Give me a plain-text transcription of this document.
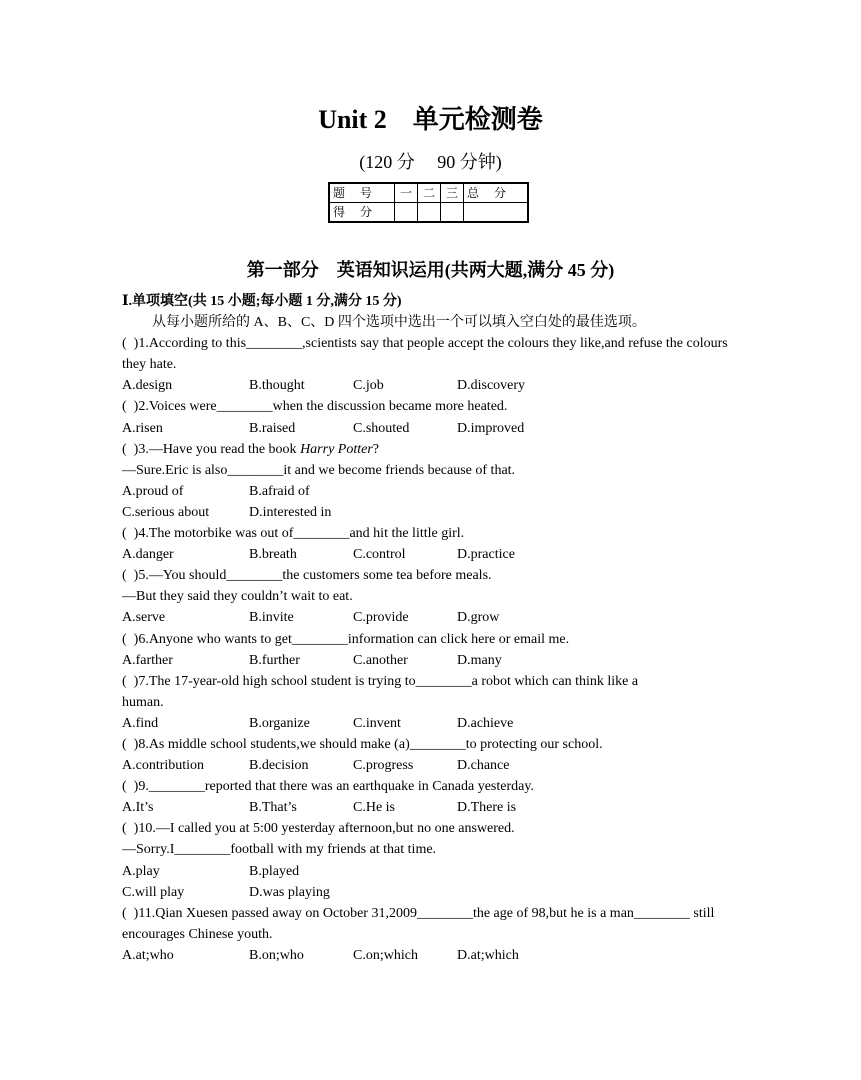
Unit 2　单元检测卷
(120 分　 90 分钟)
题　 号	一	二	三	总　 分
得　 分				
第一部分　英语知识运用(共两大题,满分 45 分)
Ⅰ.单项填空(共 15 小题;每小题 1 分,满分 15 分)
从每小题所给的 A、B、C、D 四个选项中选出一个可以填入空白处的最佳选项。
(  )1.According to this________,scientists say that people accept the colours they like,and refuse the colours they hate.
A.design	B.thought	C.job	D.discovery
(  )2.Voices were________when the discussion became more heated.
A.risen	B.raised	C.shouted	D.improved
(  )3.—Have you read the book Harry Potter?
—Sure.Eric is also________it and we become friends because of that.
A.proud of	B.afraid of
C.serious about	D.interested in
(  )4.The motorbike was out of________and hit the little girl.
A.danger	B.breath	C.control	D.practice
(  )5.—You should________the customers some tea before meals.
—But they said they couldn’t wait to eat.
A.serve	B.invite	C.provide	D.grow
(  )6.Anyone who wants to get________information can click here or email me.
A.farther	B.further	C.another	D.many
(  )7.The 17-year-old high school student is trying to________a robot which can think like a human.
A.find	B.organize	C.invent	D.achieve
(  )8.As middle school students,we should make (a)________to protecting our school.
A.contribution	B.decision	C.progress	D.chance
(  )9.________reported that there was an earthquake in Canada yesterday.
A.It’s	B.That’s	C.He is	D.There is
(  )10.—I called you at 5:00 yesterday afternoon,but no one answered.
—Sorry.I________football with my friends at that time.
A.play	B.played
C.will play	D.was playing
(  )11.Qian Xuesen passed away on October 31,2009________the age of 98,but he is a man________ still encourages Chinese youth.
A.at;who	B.on;who	C.on;which	D.at;which
